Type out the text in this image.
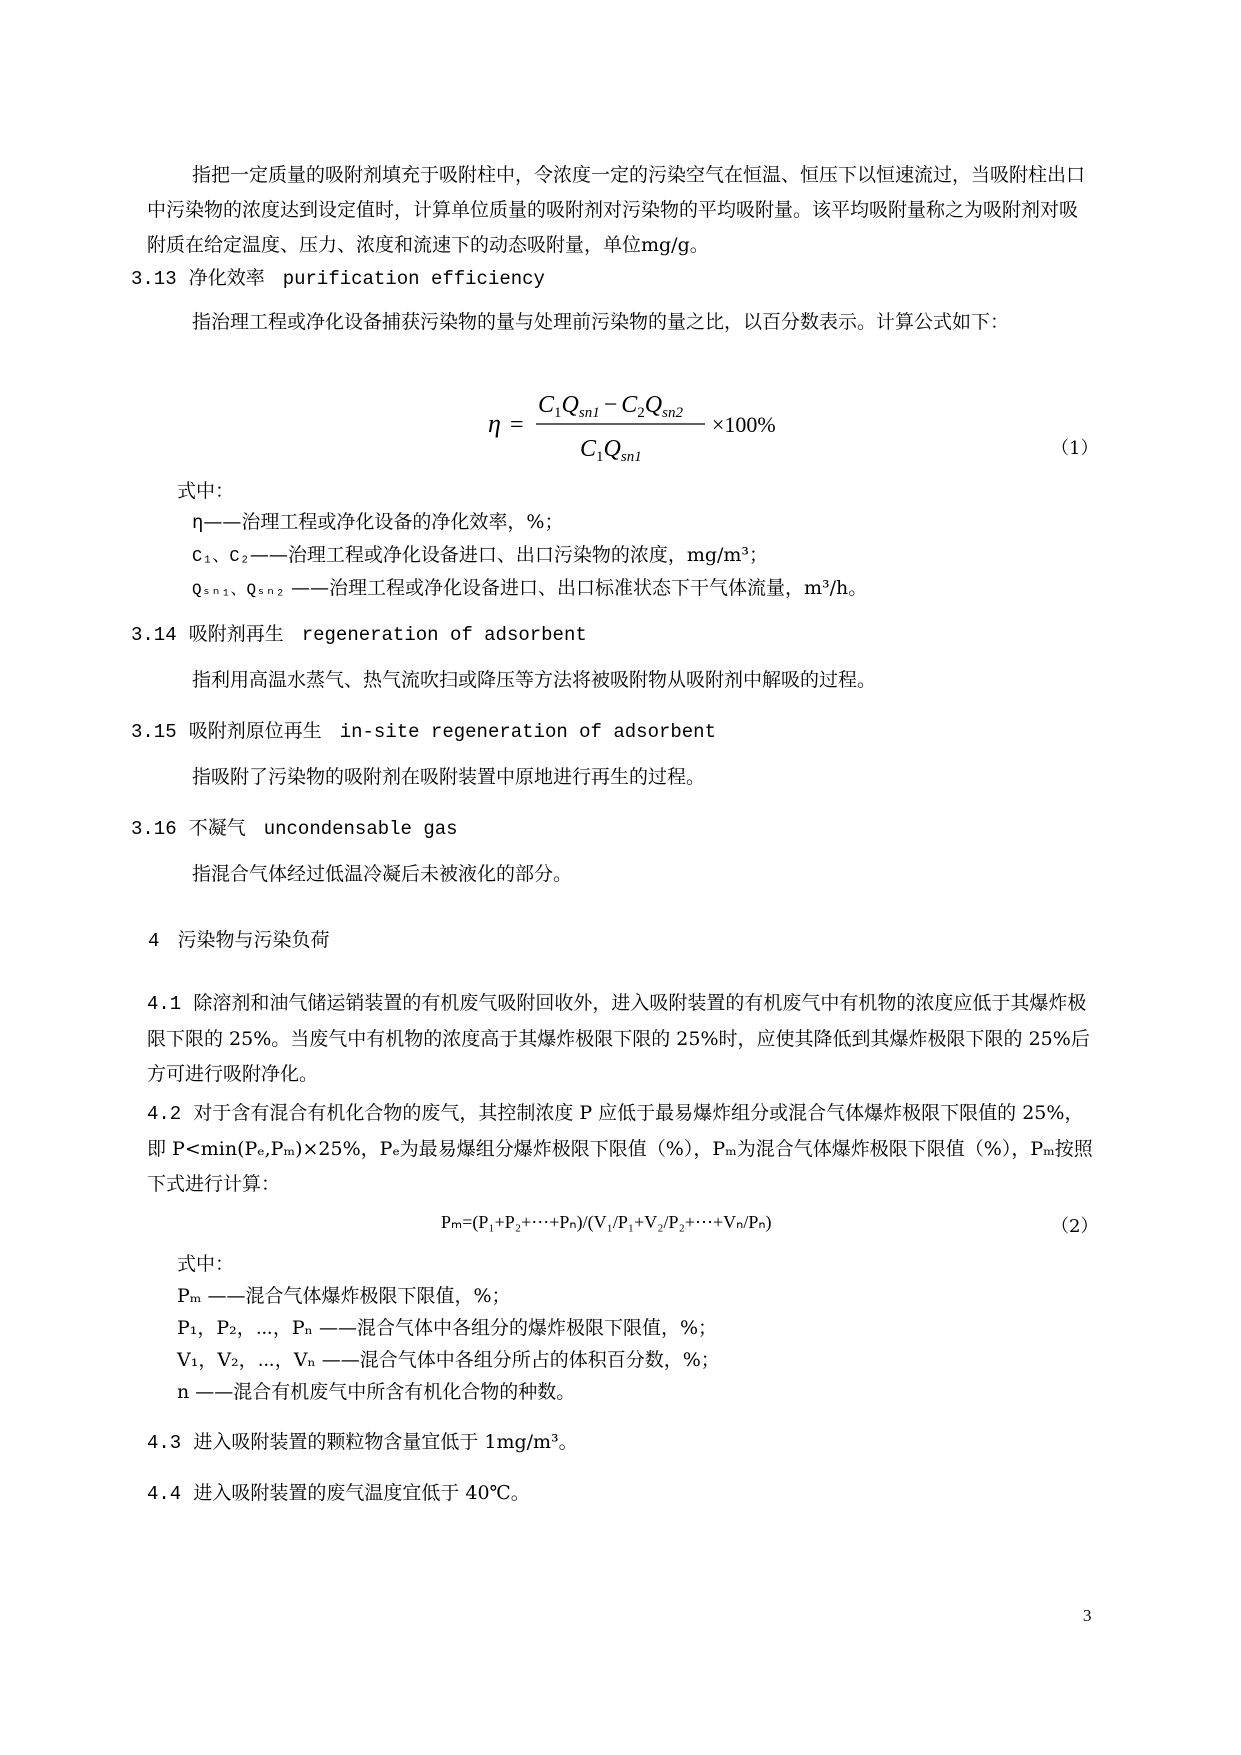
指把一定质量的吸附剂填充于吸附柱中，令浓度一定的污染空气在恒温、恒压下以恒速流过，当吸附柱出口中污染物的浓度达到设定值时，计算单位质量的吸附剂对污染物的平均吸附量。该平均吸附量称之为吸附剂对吸附质在给定温度、压力、浓度和流速下的动态吸附量，单位mg/g。
3.13 净化效率 purification efficiency
指治理工程或净化设备捕获污染物的量与处理前污染物的量之比，以百分数表示。计算公式如下：
η =
$C_1Q_{sn1} - C_2Q_{sn2} \times 100\%$
$C_1Q_{sn1}$	（1）
式中：
η——治理工程或净化设备的净化效率，%；
C₁、C₂——治理工程或净化设备进口、出口污染物的浓度，mg/m³；
Qₛₙ₁、Qₛₙ₂ ——治理工程或净化设备进口、出口标准状态下干气体流量，m³/h。
3.14 吸附剂再生 regeneration of adsorbent
指利用高温水蒸气、热气流吹扫或降压等方法将被吸附物从吸附剂中解吸的过程。
3.15 吸附剂原位再生 in-site regeneration of adsorbent
指吸附了污染物的吸附剂在吸附装置中原地进行再生的过程。
3.16 不凝气 uncondensable gas
指混合气体经过低温冷凝后未被液化的部分。
4 污染物与污染负荷
4.1 除溶剂和油气储运销装置的有机废气吸附回收外，进入吸附装置的有机废气中有机物的浓度应低于其爆炸极限下限的 25%。当废气中有机物的浓度高于其爆炸极限下限的 25%时，应使其降低到其爆炸极限下限的 25%后方可进行吸附净化。
4.2 对于含有混合有机化合物的废气，其控制浓度 P 应低于最易爆炸组分或混合气体爆炸极限下限值的 25%，即 P<min(Pₑ,Pₘ)×25%，Pₑ为最易爆组分爆炸极限下限值（%），Pₘ为混合气体爆炸极限下限值（%），Pₘ按照下式进行计算：
Pₘ=(P₁+P₂+⋯+Pₙ)/(V₁/P₁+V₂/P₂+⋯+Vₙ/Pₙ)	（2）
式中：
Pₘ ——混合气体爆炸极限下限值，%；
P₁，P₂，⋯，Pₙ ——混合气体中各组分的爆炸极限下限值，%；
V₁，V₂，⋯，Vₙ ——混合气体中各组分所占的体积百分数，%；
n ——混合有机废气中所含有机化合物的种数。
4.3 进入吸附装置的颗粒物含量宜低于 1mg/m³。
4.4 进入吸附装置的废气温度宜低于 40℃。
3
